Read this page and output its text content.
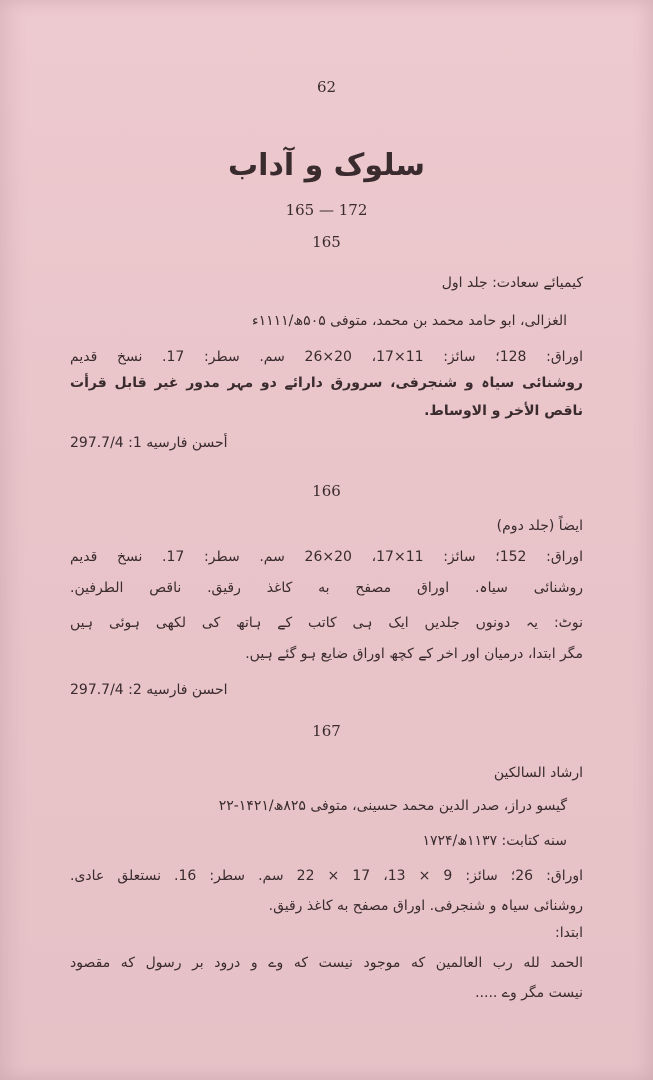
62
سلوک و آداب
165 — 172
165
کیمیائے سعادت: جلد اول
الغزالی، ابو حامد محمد بن محمد، متوفی ۵۰۵ھ/۱۱۱۱ء
اوراق: 128؛ سائز: 11×17، 20×26 سم. سطر: 17. نسخ قدیم
روشنائی سیاہ و شنجرفی، سرورق دارائے دو مہر مدور غیر قابل قرأت
ناقص الأخر و الاوساط.
أحسن فارسیه 1: 297.7/4
166
ایضاً (جلد دوم)
اوراق: 152؛ سائز: 11×17، 20×26 سم. سطر: 17. نسخ قدیم
روشنائی سیاہ. اوراق مصفح به کاغذ رقیق. ناقص الطرفین.
نوٹ: یہ دونوں جلدیں ایک ہی کاتب کے ہاتھ کی لکھی ہوئی ہیں
مگر ابتدا، درمیان اور اخر کے کچھ اوراق ضایع ہو گئے ہیں.
احسن فارسیه 2: 297.7/4
167
ارشاد السالکین
گیسو دراز، صدر الدین محمد حسینی، متوفی ۸۲۵ھ/۱۴۲۱-۲۲
سنه کتابت: ۱۱۳۷ھ/۱۷۲۴
اوراق: 26؛ سائز: 9 × 13، 17 × 22 سم. سطر: 16. نستعلق عادی.
روشنائی سیاہ و شنجرفی. اوراق مصفح به کاغذ رقیق.
ابتدا:
الحمد لله رب العالمین که موجود نیست که وے و درود بر رسول که مقصود
نیست مگر وے .....
